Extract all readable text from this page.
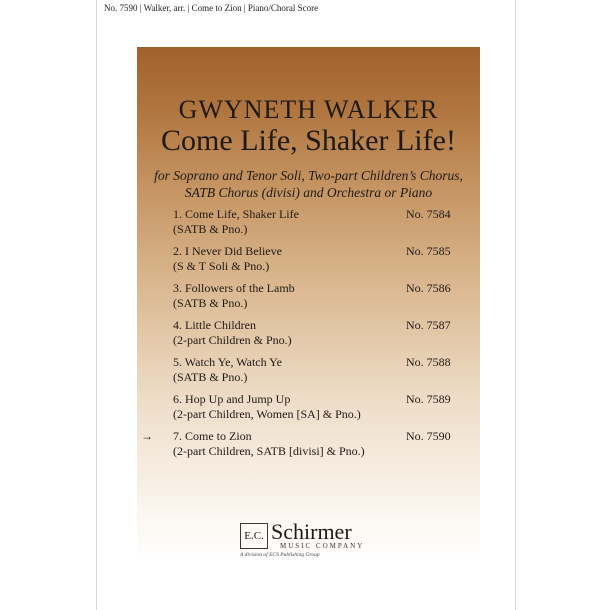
No. 7590 | Walker, arr. | Come to Zion | Piano/Choral Score
GWYNETH WALKER
Come Life, Shaker Life!
for Soprano and Tenor Soli, Two-part Children’s Chorus,
SATB Chorus (divisi) and Orchestra or Piano
1. Come Life, Shaker Life
(SATB & Pno.)
No. 7584
2. I Never Did Believe
(S & T Soli & Pno.)
No. 7585
3. Followers of the Lamb
(SATB & Pno.)
No. 7586
4. Little Children
(2-part Children & Pno.)
No. 7587
5. Watch Ye, Watch Ye
(SATB & Pno.)
No. 7588
6. Hop Up and Jump Up
(2-part Children, Women [SA] & Pno.)
No. 7589
→ 7. Come to Zion
(2-part Children, SATB [divisi] & Pno.)
No. 7590
E.C. Schirmer
MUSIC COMPANY
A division of ECS Publishing Group
